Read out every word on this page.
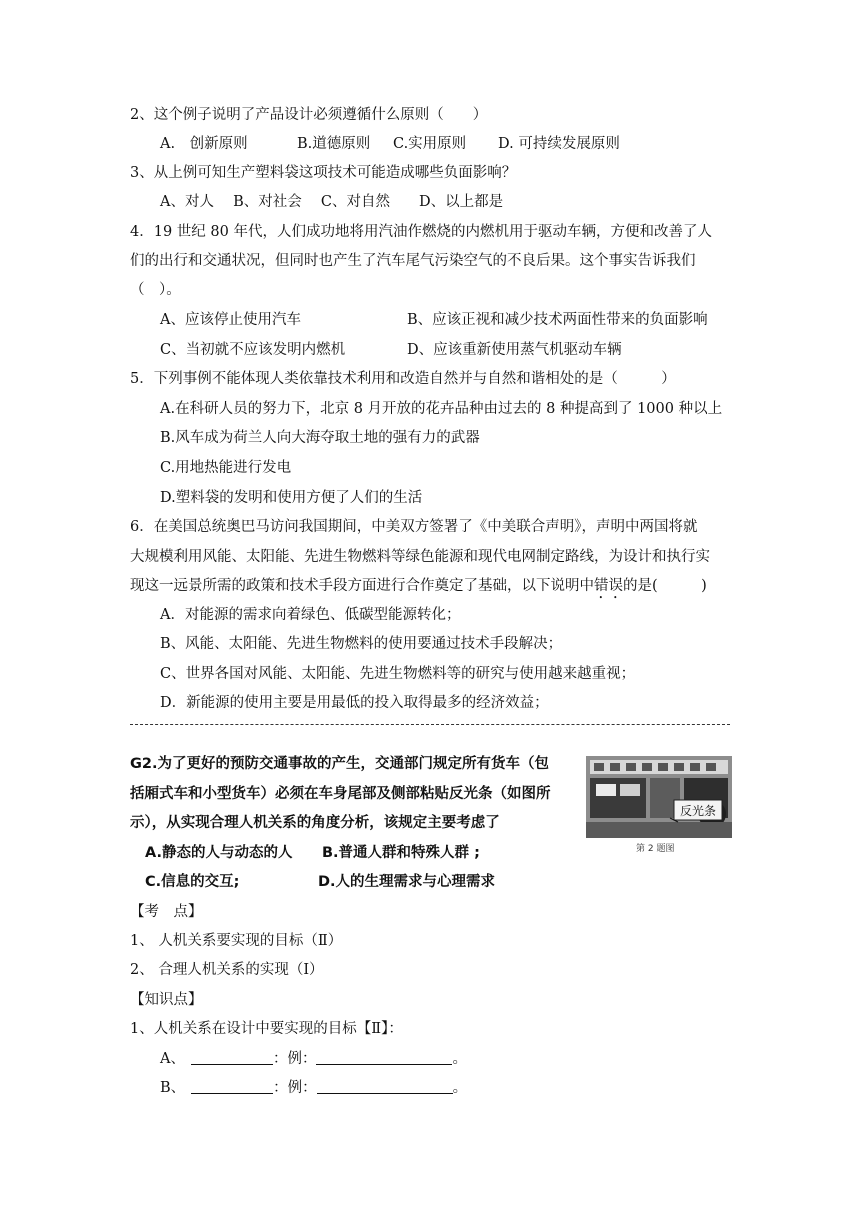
2、这个例子说明了产品设计必须遵循什么原则（　　）
A.　创新原则	B.道德原则 C.实用原则 D. 可持续发展原则
3、从上例可知生产塑料袋这项技术可能造成哪些负面影响？
A、对人　 B、对社会　 C、对自然　　D、以上都是
4．19 世纪 80 年代，人们成功地将用汽油作燃烧的内燃机用于驱动车辆，方便和改善了人
们的出行和交通状况，但同时也产生了汽车尾气污染空气的不良后果。这个事实告诉我们
（　）。
A、应该停止使用汽车	B、应该正视和减少技术两面性带来的负面影响
C、当初就不应该发明内燃机	D、应该重新使用蒸气机驱动车辆
5．下列事例不能体现人类依靠技术利用和改造自然并与自然和谐相处的是（　　　）
A.在科研人员的努力下，北京 8 月开放的花卉品种由过去的 8 种提高到了 1000 种以上
B.风车成为荷兰人向大海夺取土地的强有力的武器
C.用地热能进行发电
D.塑料袋的发明和使用方便了人们的生活
6．在美国总统奥巴马访问我国期间，中美双方签署了《中美联合声明》，声明中两国将就
大规模利用风能、太阳能、先进生物燃料等绿色能源和现代电网制定路线，为设计和执行实
现这一远景所需的政策和技术手段方面进行合作奠定了基础，以下说明中错误的是(　　　)
A．对能源的需求向着绿色、低碳型能源转化；
B、风能、太阳能、先进生物燃料的使用要通过技术手段解决；
C、世界各国对风能、太阳能、先进生物燃料等的研究与使用越来越重视；
D．新能源的使用主要是用最低的投入取得最多的经济效益；
G2.为了更好的预防交通事故的产生，交通部门规定所有货车（包
括厢式车和小型货车）必须在车身尾部及侧部粘贴反光条（如图所
示），从实现合理人机关系的角度分析，该规定主要考虑了
A.静态的人与动态的人 B.普通人群和特殊人群 ;
C.信息的交互;	D.人的生理需求与心理需求
反光条
第 2 题图
【考　点】
1、 人机关系要实现的目标（Ⅱ）
2、 合理人机关系的实现（Ⅰ）
【知识点】
1、人机关系在设计中要实现的目标【Ⅱ】：
A、	：例：	。
B、	：例：	。
